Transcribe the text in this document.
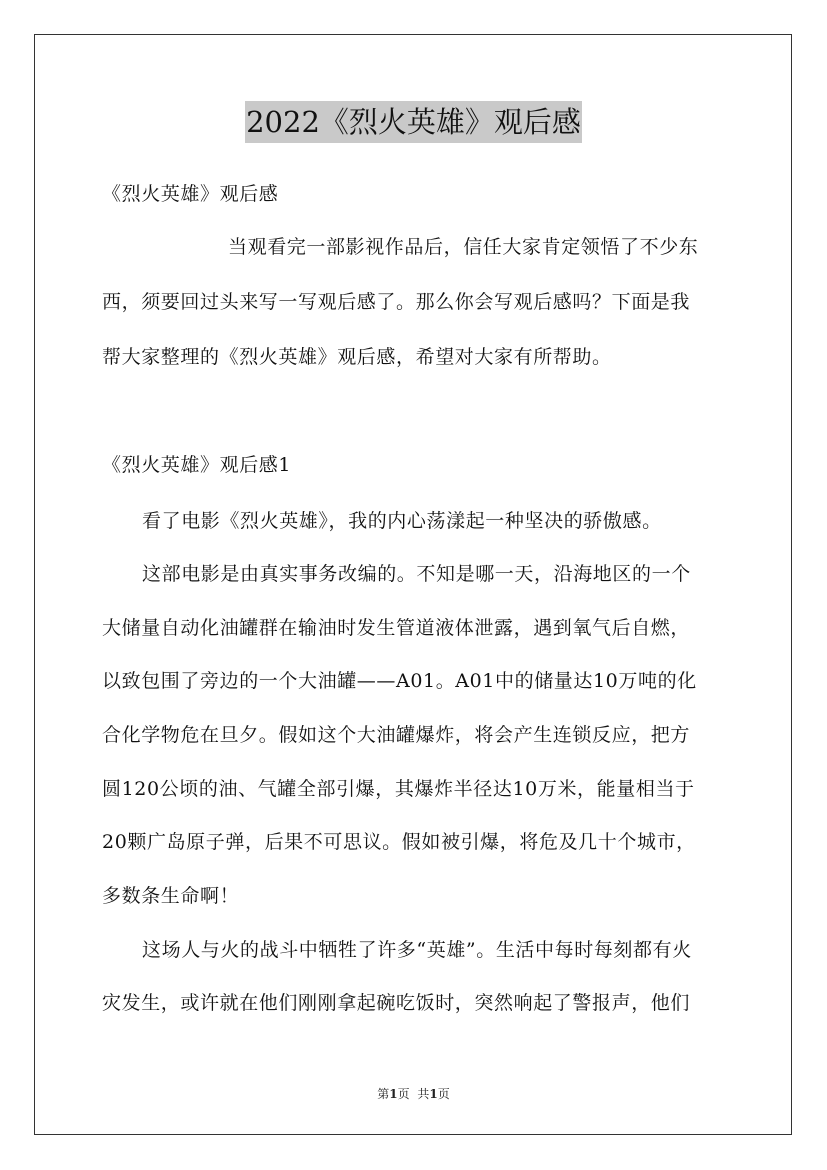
2022《烈火英雄》观后感
《烈火英雄》观后感
当观看完一部影视作品后，信任大家肯定领悟了不少东
西，须要回过头来写一写观后感了。那么你会写观后感吗？下面是我
帮大家整理的《烈火英雄》观后感，希望对大家有所帮助。
《烈火英雄》观后感1
看了电影《烈火英雄》，我的内心荡漾起一种坚决的骄傲感。
这部电影是由真实事务改编的。不知是哪一天，沿海地区的一个
大储量自动化油罐群在输油时发生管道液体泄露，遇到氧气后自燃，
以致包围了旁边的一个大油罐——A01。A01中的储量达10万吨的化
合化学物危在旦夕。假如这个大油罐爆炸，将会产生连锁反应，把方
圆120公顷的油、气罐全部引爆，其爆炸半径达10万米，能量相当于
20颗广岛原子弹，后果不可思议。假如被引爆，将危及几十个城市，
多数条生命啊！
这场人与火的战斗中牺牲了许多“英雄”。生活中每时每刻都有火
灾发生，或许就在他们刚刚拿起碗吃饭时，突然响起了警报声，他们
第1页 共1页
